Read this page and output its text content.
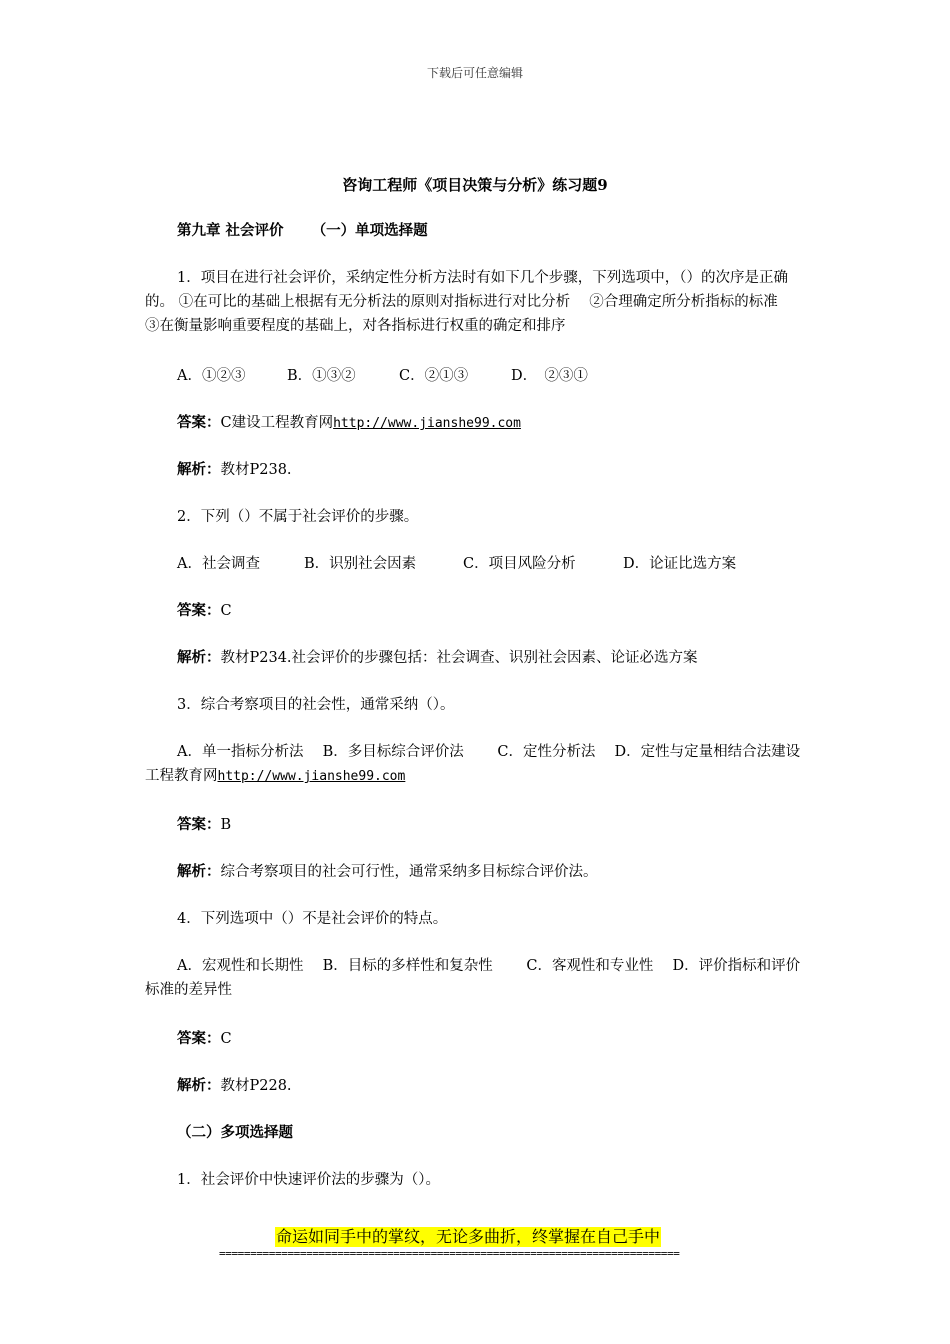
下载后可任意编辑
咨询工程师《项目决策与分析》练习题9
第九章 社会评价 （一）单项选择题
1．项目在进行社会评价，采纳定性分析方法时有如下几个步骤，下列选项中，（）的次序是正确的。 ①在可比的基础上根据有无分析法的原则对指标进行对比分析　 ②合理确定所分析指标的标准　 ③在衡量影响重要程度的基础上，对各指标进行权重的确定和排序
A．①②③	B．①③②	C．②①③	D．　②③①
答案：C建设工程教育网http://www.jianshe99.com
解析：教材P238.
2．下列（）不属于社会评价的步骤。
A．社会调查	B．识别社会因素	C．项目风险分析	D．论证比选方案
答案：C
解析：教材P234.社会评价的步骤包括：社会调查、识别社会因素、论证必选方案
3．综合考察项目的社会性，通常采纳（）。
A．单一指标分析法　 B．多目标综合评价法　　 C．定性分析法　 D．定性与定量相结合法建设工程教育网http://www.jianshe99.com
答案：B
解析：综合考察项目的社会可行性，通常采纳多目标综合评价法。
4．下列选项中（）不是社会评价的特点。
A．宏观性和长期性　 B．目标的多样性和复杂性　　 C．客观性和专业性　 D．评价指标和评价标准的差异性
答案：C
解析：教材P228.
（二）多项选择题
1．社会评价中快速评价法的步骤为（）。
命运如同手中的掌纹，无论多曲折，终掌握在自己手中
==========================================================================
